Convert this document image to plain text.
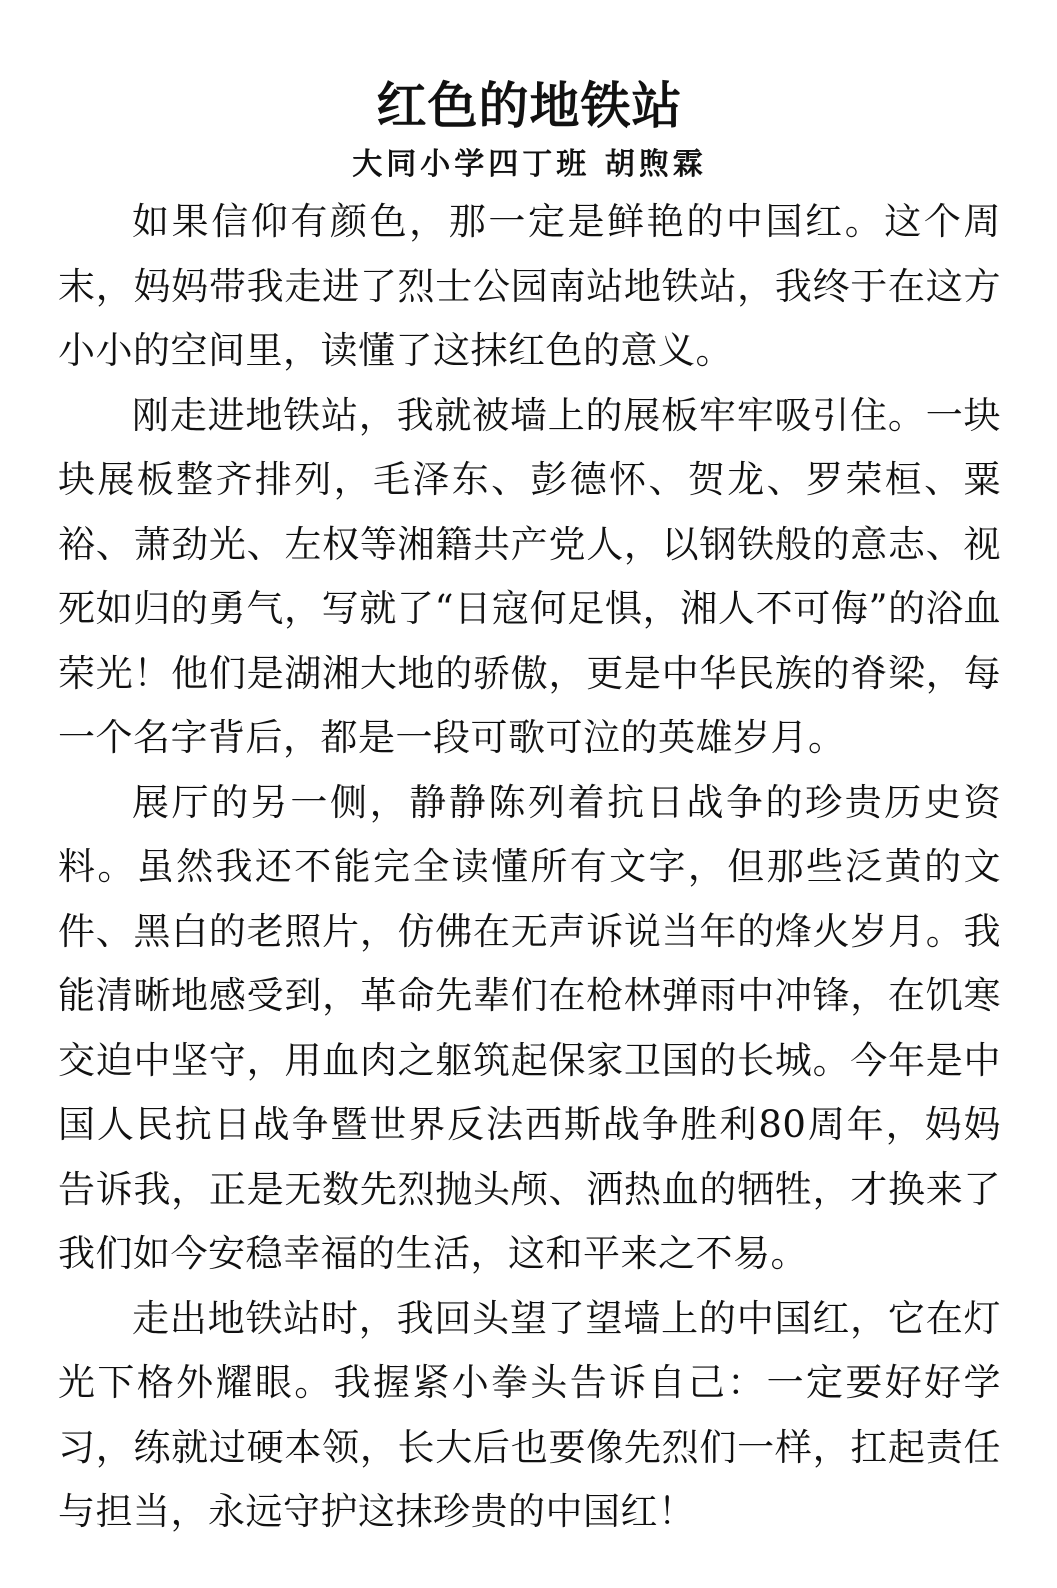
红色的地铁站
大同小学四丁班 胡煦霖

如果信仰有颜色，那一定是鲜艳的中国红。这个周末，妈妈带我走进了烈士公园南站地铁站，我终于在这方小小的空间里，读懂了这抹红色的意义。

刚走进地铁站，我就被墙上的展板牢牢吸引住。一块块展板整齐排列，毛泽东、彭德怀、贺龙、罗荣桓、粟裕、萧劲光、左权等湘籍共产党人，以钢铁般的意志、视死如归的勇气，写就了“日寇何足惧，湘人不可侮”的浴血荣光！他们是湖湘大地的骄傲，更是中华民族的脊梁，每一个名字背后，都是一段可歌可泣的英雄岁月。

展厅的另一侧，静静陈列着抗日战争的珍贵历史资料。虽然我还不能完全读懂所有文字，但那些泛黄的文件、黑白的老照片，仿佛在无声诉说当年的烽火岁月。我能清晰地感受到，革命先辈们在枪林弹雨中冲锋，在饥寒交迫中坚守，用血肉之躯筑起保家卫国的长城。今年是中国人民抗日战争暨世界反法西斯战争胜利80周年，妈妈告诉我，正是无数先烈抛头颅、洒热血的牺牲，才换来了我们如今安稳幸福的生活，这和平来之不易。

走出地铁站时，我回头望了望墙上的中国红，它在灯光下格外耀眼。我握紧小拳头告诉自己：一定要好好学习，练就过硬本领，长大后也要像先烈们一样，扛起责任与担当，永远守护这抹珍贵的中国红！
